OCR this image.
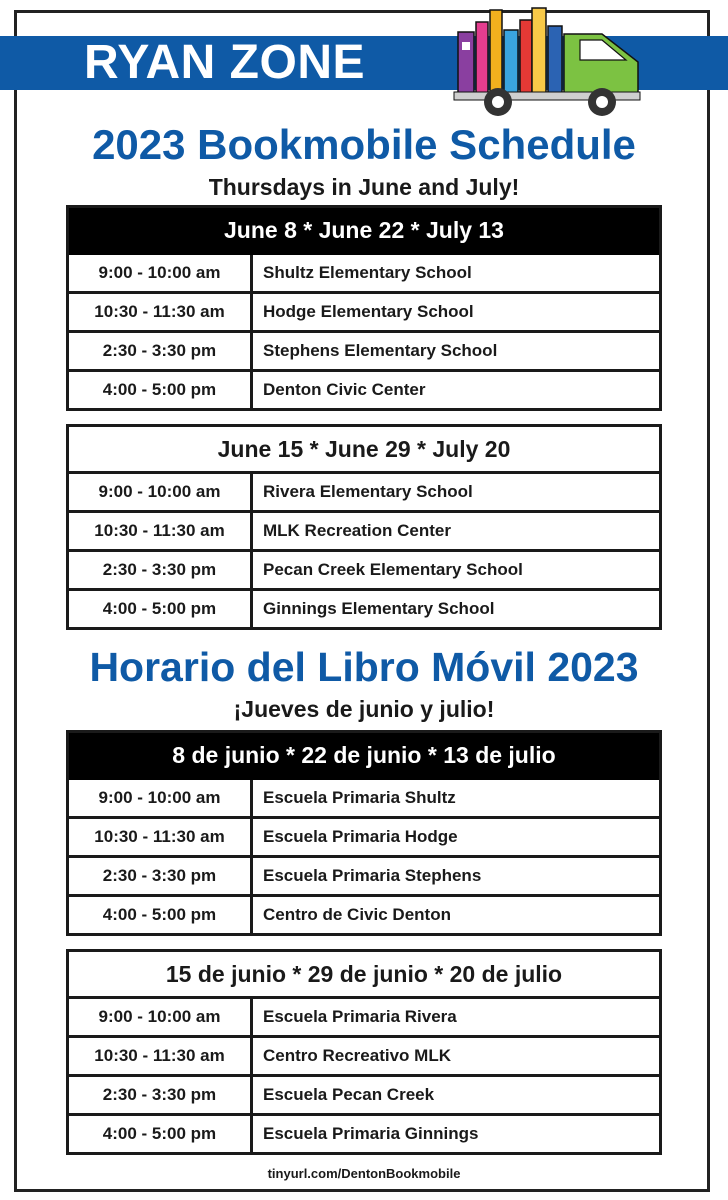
RYAN ZONE
2023 Bookmobile Schedule
Thursdays in June and July!
June 8 * June 22 * July 13
9:00 - 10:00 am	Shultz Elementary School
10:30 - 11:30 am	Hodge Elementary School
2:30 - 3:30 pm	Stephens Elementary School
4:00 - 5:00 pm	Denton Civic Center
June 15 * June 29 * July 20
9:00 - 10:00 am	Rivera Elementary School
10:30 - 11:30 am	MLK Recreation Center
2:30 - 3:30 pm	Pecan Creek Elementary School
4:00 - 5:00 pm	Ginnings Elementary School
Horario del Libro Móvil 2023
¡Jueves de junio y julio!
8 de junio * 22 de junio * 13 de julio
9:00 - 10:00 am	Escuela Primaria Shultz
10:30 - 11:30 am	Escuela Primaria Hodge
2:30 - 3:30 pm	Escuela Primaria Stephens
4:00 - 5:00 pm	Centro de Civic Denton
15 de junio * 29 de junio * 20 de julio
9:00 - 10:00 am	Escuela Primaria Rivera
10:30 - 11:30 am	Centro Recreativo MLK
2:30 - 3:30 pm	Escuela Pecan Creek
4:00 - 5:00 pm	Escuela Primaria Ginnings
tinyurl.com/DentonBookmobile
